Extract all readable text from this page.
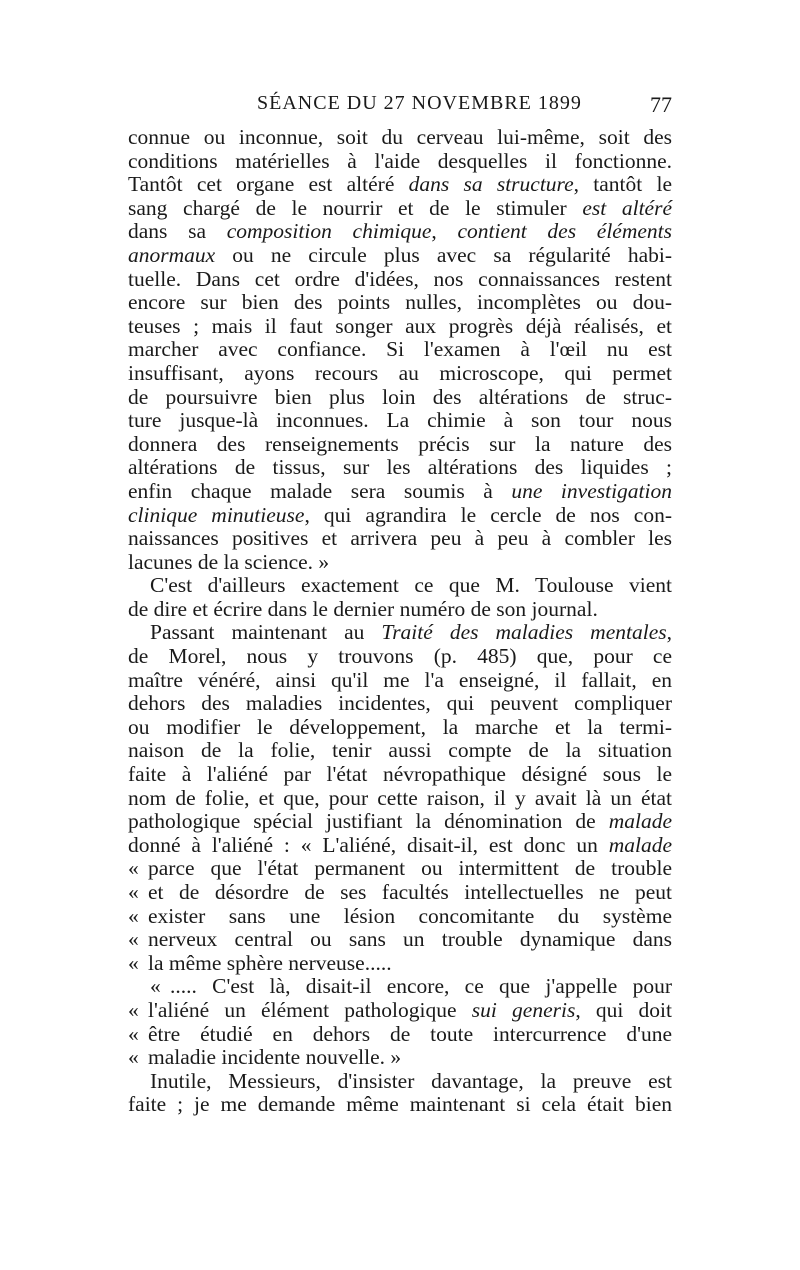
SÉANCE DU 27 NOVEMBRE 1899	77
connue ou inconnue, soit du cerveau lui-même, soit des
conditions matérielles à l'aide desquelles il fonctionne.
Tantôt cet organe est altéré dans sa structure, tantôt le
sang chargé de le nourrir et de le stimuler est altéré
dans sa composition chimique, contient des éléments
anormaux ou ne circule plus avec sa régularité habi-
tuelle. Dans cet ordre d'idées, nos connaissances restent
encore sur bien des points nulles, incomplètes ou dou-
teuses ; mais il faut songer aux progrès déjà réalisés, et
marcher avec confiance. Si l'examen à l'œil nu est
insuffisant, ayons recours au microscope, qui permet
de poursuivre bien plus loin des altérations de struc-
ture jusque-là inconnues. La chimie à son tour nous
donnera des renseignements précis sur la nature des
altérations de tissus, sur les altérations des liquides ;
enfin chaque malade sera soumis à une investigation
clinique minutieuse, qui agrandira le cercle de nos con-
naissances positives et arrivera peu à peu à combler les
lacunes de la science. »
C'est d'ailleurs exactement ce que M. Toulouse vient
de dire et écrire dans le dernier numéro de son journal.
Passant maintenant au Traité des maladies mentales,
de Morel, nous y trouvons (p. 485) que, pour ce
maître vénéré, ainsi qu'il me l'a enseigné, il fallait, en
dehors des maladies incidentes, qui peuvent compliquer
ou modifier le développement, la marche et la termi-
naison de la folie, tenir aussi compte de la situation
faite à l'aliéné par l'état névropathique désigné sous le
nom de folie, et que, pour cette raison, il y avait là un état
pathologique spécial justifiant la dénomination de malade
donné à l'aliéné : « L'aliéné, disait-il, est donc un malade
« parce que l'état permanent ou intermittent de trouble
« et de désordre de ses facultés intellectuelles ne peut
« exister sans une lésion concomitante du système
« nerveux central ou sans un trouble dynamique dans
« la même sphère nerveuse.....
« ..... C'est là, disait-il encore, ce que j'appelle pour
« l'aliéné un élément pathologique sui generis, qui doit
« être étudié en dehors de toute intercurrence d'une
« maladie incidente nouvelle. »
Inutile, Messieurs, d'insister davantage, la preuve est
faite ; je me demande même maintenant si cela était bien
